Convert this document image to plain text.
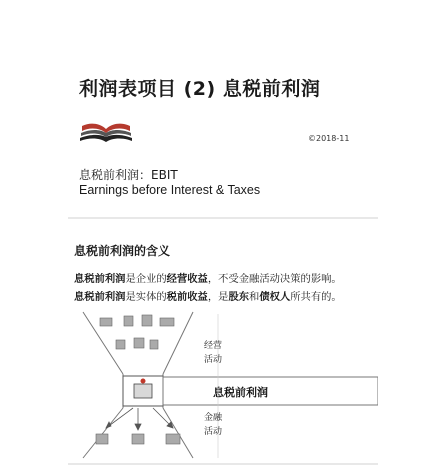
利润表项目 (2) 息税前利润
©2018-11
息税前利润：EBIT
Earnings before Interest & Taxes
息税前利润的含义
息税前利润是企业的经营收益，不受金融活动决策的影响。
息税前利润是实体的税前收益，是股东和债权人所共有的。
息税前利润
经营
活动
金融
活动
